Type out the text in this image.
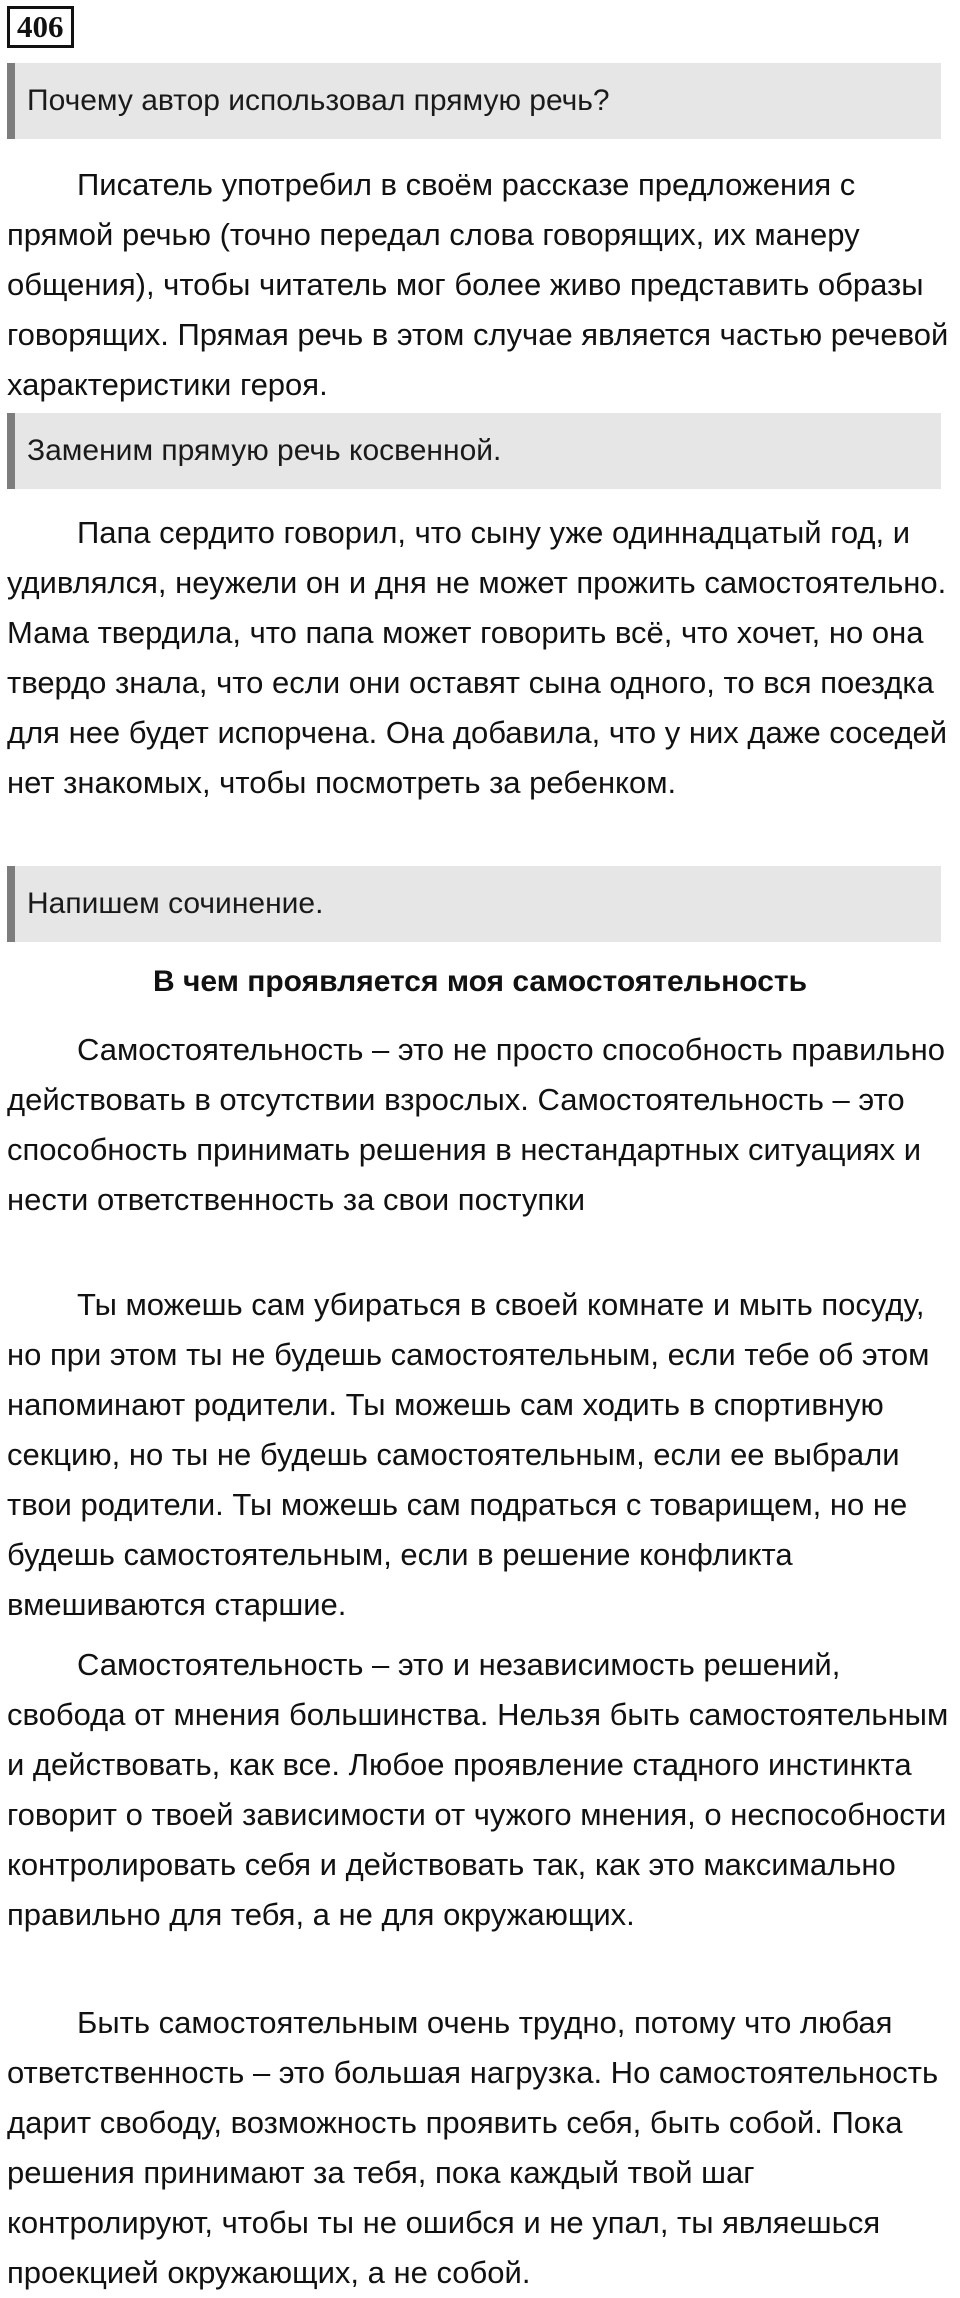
406
Почему автор использовал прямую речь?

Писатель употребил в своём рассказе предложения с прямой речью (точно передал слова говорящих, их манеру общения), чтобы читатель мог более живо представить образы говорящих. Прямая речь в этом случае является частью речевой характеристики героя.

Заменим прямую речь косвенной.

Папа сердито говорил, что сыну уже одиннадцатый год, и удивлялся, неужели он и дня не может прожить самостоятельно. Мама твердила, что папа может говорить всё, что хочет, но она твердо знала, что если они оставят сына одного, то вся поездка для нее будет испорчена. Она добавила, что у них даже соседей нет знакомых, чтобы посмотреть за ребенком.

Напишем сочинение.

В чем проявляется моя самостоятельность

Самостоятельность – это не просто способность правильно действовать в отсутствии взрослых. Самостоятельность – это способность принимать решения в нестандартных ситуациях и нести ответственность за свои поступки

Ты можешь сам убираться в своей комнате и мыть посуду, но при этом ты не будешь самостоятельным, если тебе об этом напоминают родители. Ты можешь сам ходить в спортивную секцию, но ты не будешь самостоятельным, если ее выбрали твои родители. Ты можешь сам подраться с товарищем, но не будешь самостоятельным, если в решение конфликта вмешиваются старшие.

Самостоятельность – это и независимость решений, свобода от мнения большинства. Нельзя быть самостоятельным и действовать, как все. Любое проявление стадного инстинкта говорит о твоей зависимости от чужого мнения, о неспособности контролировать себя и действовать так, как это максимально правильно для тебя, а не для окружающих.

Быть самостоятельным очень трудно, потому что любая ответственность – это большая нагрузка. Но самостоятельность дарит свободу, возможность проявить себя, быть собой. Пока решения принимают за тебя, пока каждый твой шаг контролируют, чтобы ты не ошибся и не упал, ты являешься проекцией окружающих, а не собой.
